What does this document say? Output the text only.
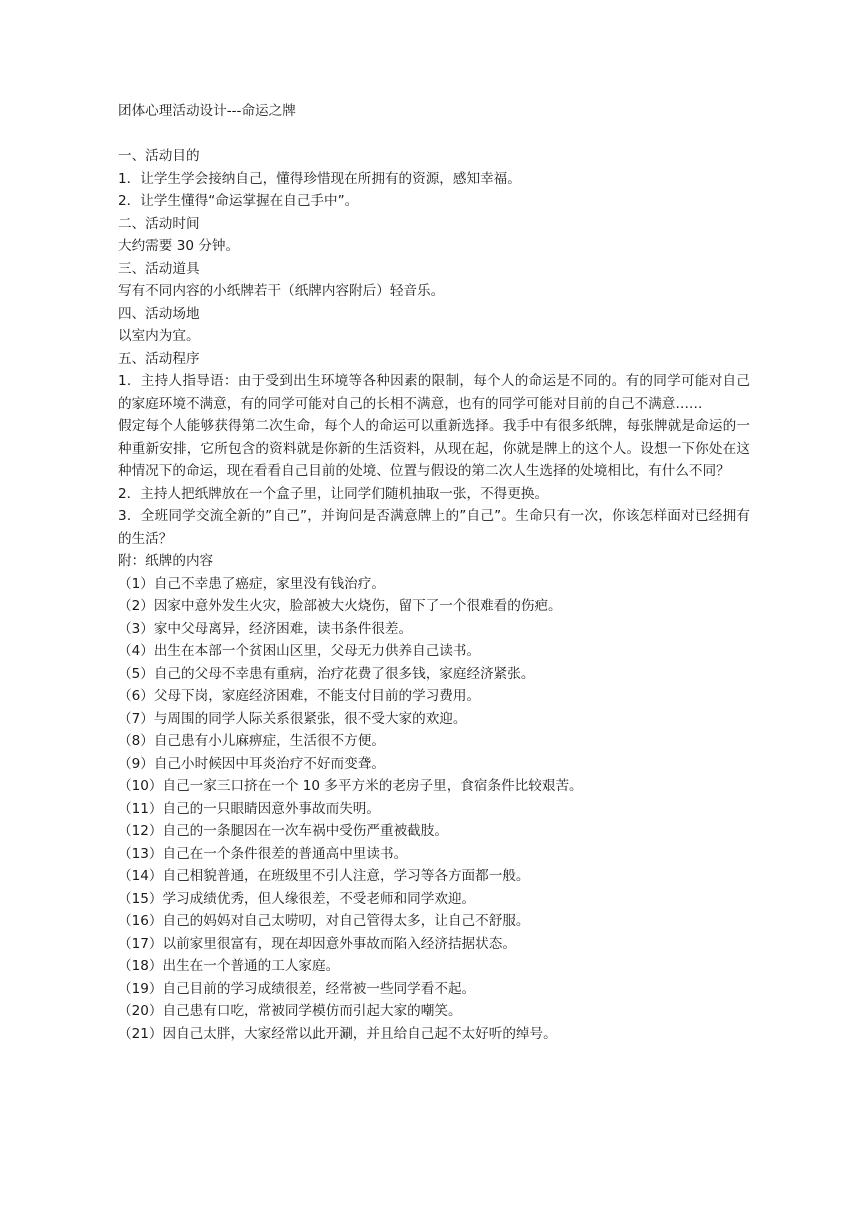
团体心理活动设计---命运之牌

一、活动目的

1．让学生学会接纳自己，懂得珍惜现在所拥有的资源，感知幸福。

2．让学生懂得“命运掌握在自己手中”。

二、活动时间

大约需要 30 分钟。

三、活动道具

写有不同内容的小纸牌若干（纸牌内容附后）轻音乐。

四、活动场地

以室内为宜。

五、活动程序

1．主持人指导语：由于受到出生环境等各种因素的限制，每个人的命运是不同的。有的同学可能对自己的家庭环境不满意，有的同学可能对自己的长相不满意，也有的同学可能对目前的自己不满意……

假定每个人能够获得第二次生命，每个人的命运可以重新选择。我手中有很多纸牌，每张牌就是命运的一种重新安排，它所包含的资料就是你新的生活资料，从现在起，你就是牌上的这个人。设想一下你处在这种情况下的命运，现在看看自己目前的处境、位置与假设的第二次人生选择的处境相比，有什么不同？

2．主持人把纸牌放在一个盒子里，让同学们随机抽取一张，不得更换。

3．全班同学交流全新的”自己”，并询问是否满意牌上的”自己”。生命只有一次，你该怎样面对已经拥有的生活？

附：纸牌的内容

（1）自己不幸患了癌症，家里没有钱治疗。

（2）因家中意外发生火灾，脸部被大火烧伤，留下了一个很难看的伤疤。

（3）家中父母离异，经济困难，读书条件很差。

（4）出生在本部一个贫困山区里，父母无力供养自己读书。

（5）自己的父母不幸患有重病，治疗花费了很多钱，家庭经济紧张。

（6）父母下岗，家庭经济困难，不能支付目前的学习费用。

（7）与周围的同学人际关系很紧张，很不受大家的欢迎。

（8）自己患有小儿麻痹症，生活很不方便。

（9）自己小时候因中耳炎治疗不好而变聋。

（10）自己一家三口挤在一个 10 多平方米的老房子里，食宿条件比较艰苦。

（11）自己的一只眼睛因意外事故而失明。

（12）自己的一条腿因在一次车祸中受伤严重被截肢。

（13）自己在一个条件很差的普通高中里读书。

（14）自己相貌普通，在班级里不引人注意，学习等各方面都一般。

（15）学习成绩优秀，但人缘很差，不受老师和同学欢迎。

（16）自己的妈妈对自己太唠叨，对自己管得太多，让自己不舒服。

（17）以前家里很富有，现在却因意外事故而陷入经济拮据状态。

（18）出生在一个普通的工人家庭。

（19）自己目前的学习成绩很差，经常被一些同学看不起。

（20）自己患有口吃，常被同学模仿而引起大家的嘲笑。

（21）因自己太胖，大家经常以此开涮，并且给自己起不太好听的绰号。
